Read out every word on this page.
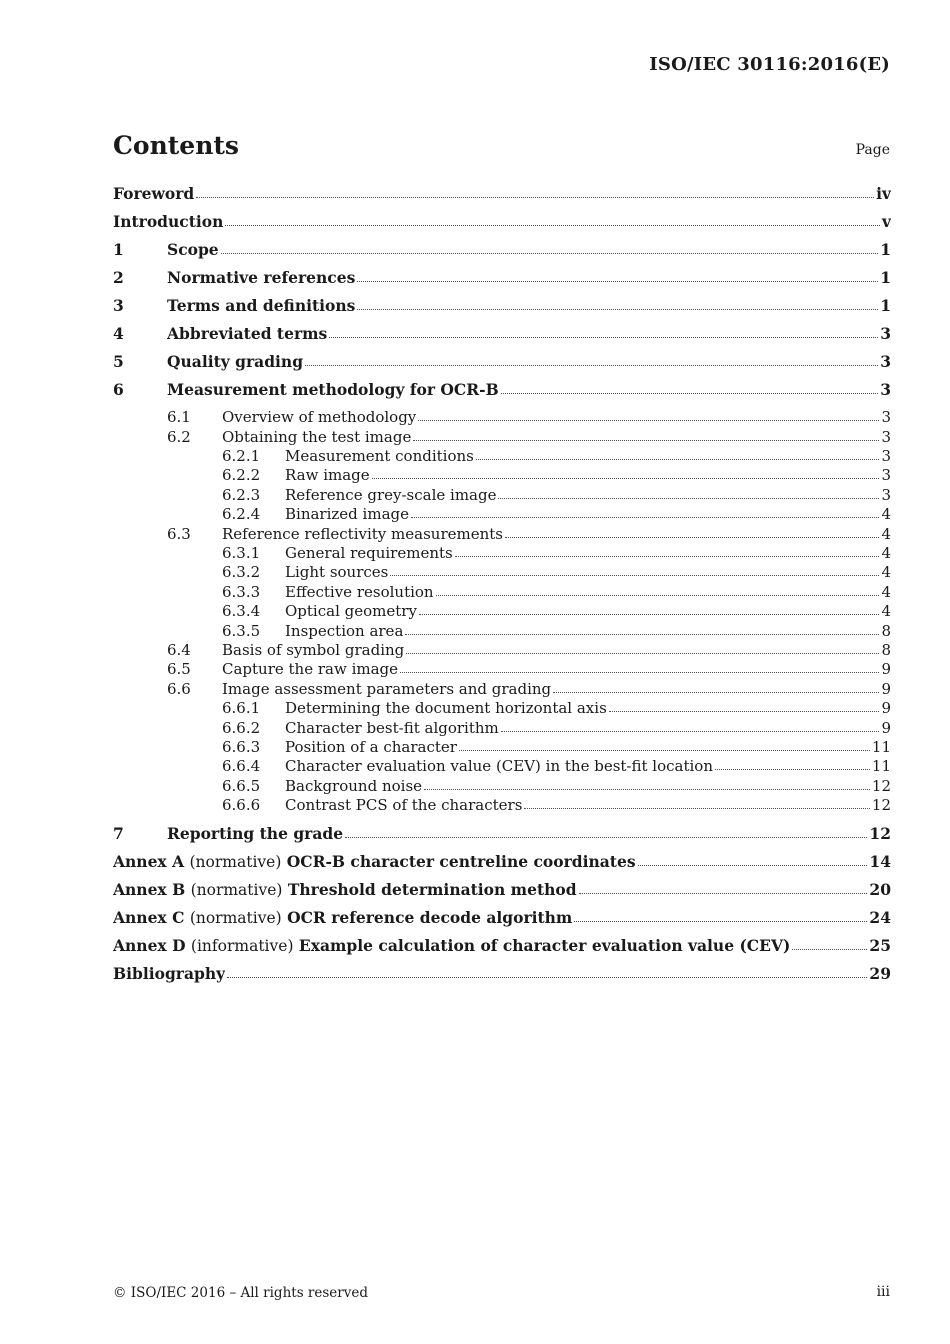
ISO/IEC 30116:2016(E)
Contents	Page
Foreword	iv
Introduction	v
1	Scope	1
2	Normative references	1
3	Terms and definitions	1
4	Abbreviated terms	3
5	Quality grading	3
6	Measurement methodology for OCR-B	3
6.1	Overview of methodology	3
6.2	Obtaining the test image	3
6.2.1	Measurement conditions	3
6.2.2	Raw image	3
6.2.3	Reference grey-scale image	3
6.2.4	Binarized image	4
6.3	Reference reflectivity measurements	4
6.3.1	General requirements	4
6.3.2	Light sources	4
6.3.3	Effective resolution	4
6.3.4	Optical geometry	4
6.3.5	Inspection area	8
6.4	Basis of symbol grading	8
6.5	Capture the raw image	9
6.6	Image assessment parameters and grading	9
6.6.1	Determining the document horizontal axis	9
6.6.2	Character best-fit algorithm	9
6.6.3	Position of a character	11
6.6.4	Character evaluation value (CEV) in the best-fit location	11
6.6.5	Background noise	12
6.6.6	Contrast PCS of the characters	12
7	Reporting the grade	12
Annex A (normative) OCR-B character centreline coordinates	14
Annex B (normative) Threshold determination method	20
Annex C (normative) OCR reference decode algorithm	24
Annex D (informative) Example calculation of character evaluation value (CEV)	25
Bibliography	29
© ISO/IEC 2016 – All rights reserved	iii
